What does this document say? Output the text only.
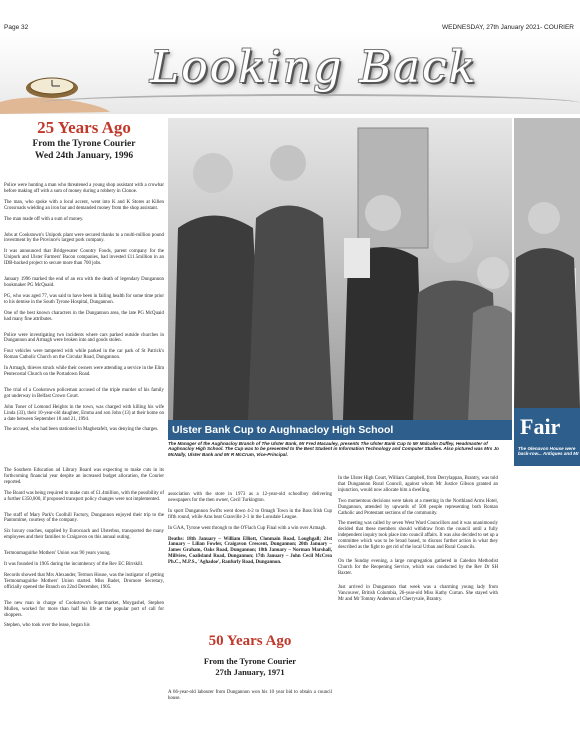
Page 32	WEDNESDAY, 27th January 2021- COURIER
Looking Back
25 Years Ago
From the Tyrone Courier
Wed 24th January, 1996

Police were hunting a man who threatened a young shop assistant with a crowbar before making off with a sum of money during a robbery in Clonoe.

The man, who spoke with a local accent, went into K and K Stores at Killen Crossroads wielding an iron bar and demanded money from the shop assistant.

The man made off with a sum of money.

Jobs at Cookstown's Unipork plant were secured thanks to a multi-million pound investment by the Province's largest pork company.

It was announced that Bridgewater Country Foods, parent company for the Unipork and Ulster Farmers' Bacon companies, had invested £11.5million in an IDB-backed project to secure more than 700 jobs.

January 1996 marked the end of an era with the death of legendary Dungannon bookmaker PG McQuaid.

PG, who was aged 77, was said to have been in failing health for some time prior to his demise in the South Tyrone Hospital, Dungannon.

One of the best known characters in the Dungannon area, the late PG McQuaid had many fine attributes.

Police were investigating two incidents where cars parked outside churches in Dungannon and Armagh were broken into and goods stolen.

Four vehicles were tampered with while parked in the car park of St Patrick's Roman Catholic Church on the Circular Road, Dungannon.

In Armagh, thieves struck while their owners were attending a service in the Elim Pentecostal Church on the Portadown Road.

The trial of a Cookstown policeman accused of the triple murder of his family got underway in Belfast Crown Court.

John Toner of Lomond Heights in the town, was charged with killing his wife Linda (33), their 10-year-old daughter, Emma and son John (13) at their home on a date between September 18 and 21, 1994.

The accused, who had been stationed in Magherafelt, was denying the charges.	Ulster Bank Cup to Aughnacloy High School
The Manager of the Aughnacloy Branch of The Ulster Bank, Mr Fred Macauley, presents The Ulster Bank Cup to Mr Malcolm Duffey, Headmaster of Aughnacloy High School. The Cup was to be presented to the Best Student in Information Technology and Computer Studies. Also pictured was Mrs Jo McNally, Ulster Bank and Mr R McCrum, Vice-Principal.
Fair
The Glenavon House were back-row... Antiques and Mr

The Southern Education ad Library Board was expecting to make cuts in its forthcoming financial year despite an increased budget allocation, the Courier reported.

The Board was being required to make cuts of £1.4million, with the possibility of a further £350,000, if proposed transport policy changes were not implemented.

The staff of Mary Park's Coolhill Factory, Dungannon enjoyed their trip to the Pantomime, courtesy of the company.

Six luxury coaches, supplied by Eurocoach and Ulsterbus, transported the many employees and their families to Craigavon on this annual outing.

Termonmaguirke Mothers' Union was 90 years young.

It was founded in 1905 during the incumbency of the Rev EC Birrskill.

Records showed that Mrs Alexander, Termon House, was the instigator of getting Termonmaguirke Mothers' Union started. Miss Bader, Dromore Secretary, officially opened the Branch on 22nd December, 1905.

The new man in charge of Cookstown's Supermarket, Moygashel, Stephen Mullen, worked for more than half his life at the popular port of call for shoppers.

Stephen, who took over the lease, began his

association with the store in 1973 as a 12-year-old schoolboy delivering newspapers for the then owner, Cecil Turkington.

In sport Dungannon Swifts went down 4-2 to Omagh Town in the Bass Irish Cup fifth round, while Aras beat Granville 2-1 in the Lonsdale League.

In GAA, Tyrone went through to the O'Fiach Cup Final with a win over Armagh.

Deaths: 18th January – William Elliott, Clonmain Road, Loughgall; 21st January – Lilian Fowler, Craigavon Crescent, Dungannon; 20th January – James Graham, Oaks Road, Dungannon; 18th January – Norman Marshall, Millview, Coalisland Road, Dungannon; 17th January – John Cecil McCrea Ph.C., M.P.S., 'Aghadoe', Ranfurly Road, Dungannon.

50 Years Ago
From the Tyrone Courier
27th January, 1971

A 66-year-old labourer from Dungannon won his 10 year bid to obtain a council house.

In the Ulster High Court, William Campbell, from Derrylappan, Brantry, was told that Dungannon Rural Council, against whom Mr Justice Gibson granted an injunction, would now allocate him a dwelling.

Two momentous decisions were taken at a meeting in the Northland Arms Hotel, Dungannon, attended by upwards of 500 people representing both Roman Catholic and Protestant sections of the community.

The meeting was called by seven West Ward Councillors and it was unanimously decided that these members should withdraw from the council until a fully independent inquiry took place into council affairs. It was also decided to set up a committee which was to be broad based, to discuss further action in what they described as the fight to get rid of the local Urban and Rural Councils.

On the Sunday evening, a large congregation gathered in Caledon Methodist Church for the Reopening Service, which was conducted by the Rev Dr SH Baxter.

Just arrived in Dungannon that week was a charming young lady from Vancouver, British Columbia, 26-year-old Miss Kathy Curran. She stayed with Mr and Mr Tommy Anderson of Cherryvale, Brantry.
